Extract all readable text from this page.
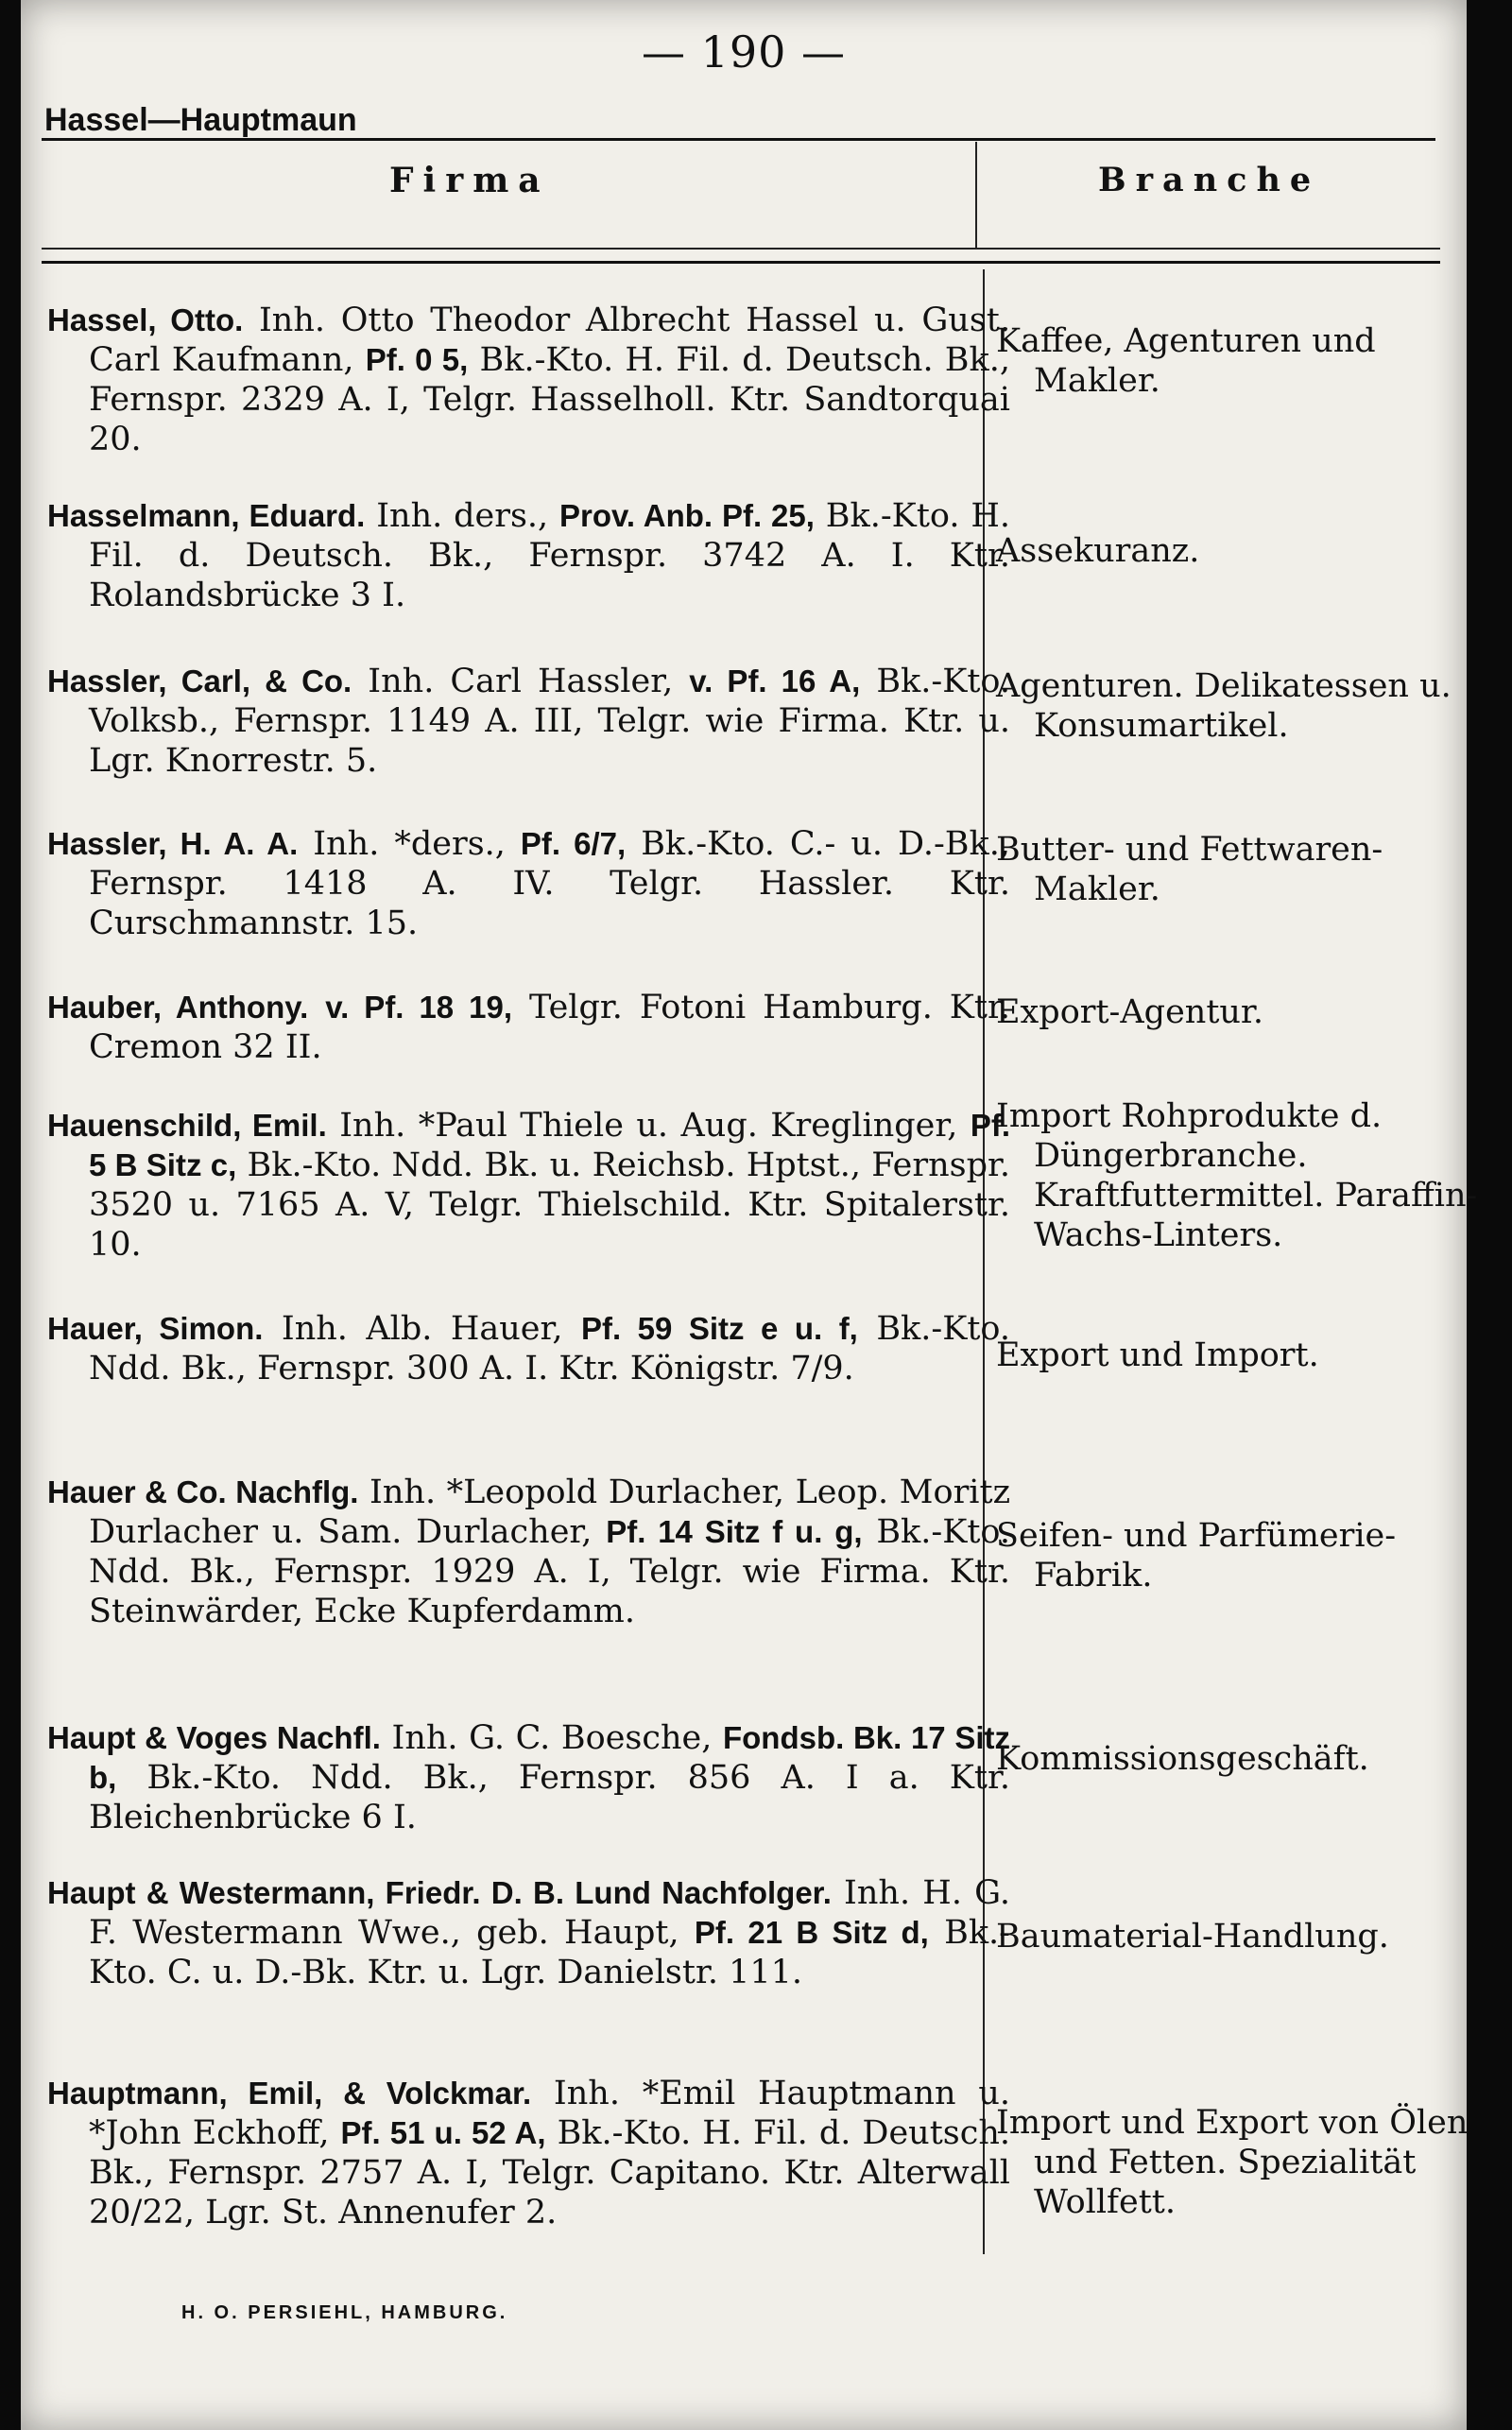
— 190 —
Hassel—Hauptmaun
Firma	Branche
Hassel, Otto. Inh. Otto Theodor Albrecht Hassel u. Gust. Carl Kaufmann, Pf. 0 5, Bk.-Kto. H. Fil. d. Deutsch. Bk., Fernspr. 2329 A. I, Telgr. Hasselholl. Ktr. Sandtorquai 20.
Kaffee, Agenturen und Makler.
Hasselmann, Eduard. Inh. ders., Prov. Anb. Pf. 25, Bk.-Kto. H. Fil. d. Deutsch. Bk., Fernspr. 3742 A. I. Ktr. Rolandsbrücke 3 I.
Assekuranz.
Hassler, Carl, & Co. Inh. Carl Hassler, v. Pf. 16 A, Bk.-Kto. Volksb., Fernspr. 1149 A. III, Telgr. wie Firma. Ktr. u. Lgr. Knorrestr. 5.
Agenturen. Delikatessen u. Konsumartikel.
Hassler, H. A. A. Inh. *ders., Pf. 6/7, Bk.-Kto. C.- u. D.-Bk., Fernspr. 1418 A. IV. Telgr. Hassler. Ktr. Curschmannstr. 15.
Butter- und Fettwaren-Makler.
Hauber, Anthony. v. Pf. 18 19, Telgr. Fotoni Hamburg. Ktr. Cremon 32 II.
Export-Agentur.
Hauenschild, Emil. Inh. *Paul Thiele u. Aug. Kreglinger, Pf. 5 B Sitz c, Bk.-Kto. Ndd. Bk. u. Reichsb. Hptst., Fernspr. 3520 u. 7165 A. V, Telgr. Thielschild. Ktr. Spitalerstr. 10.
Import Rohprodukte d. Düngerbranche. Kraftfuttermittel. Paraffin-Wachs-Linters.
Hauer, Simon. Inh. Alb. Hauer, Pf. 59 Sitz e u. f, Bk.-Kto. Ndd. Bk., Fernspr. 300 A. I. Ktr. Königstr. 7/9.	Export und Import.
Hauer & Co. Nachflg. Inh. *Leopold Durlacher, Leop. Moritz Durlacher u. Sam. Durlacher, Pf. 14 Sitz f u. g, Bk.-Kto. Ndd. Bk., Fernspr. 1929 A. I, Telgr. wie Firma. Ktr. Steinwärder, Ecke Kupferdamm.
Seifen- und Parfümerie-Fabrik.
Haupt & Voges Nachfl. Inh. G. C. Boesche, Fondsb. Bk. 17 Sitz b, Bk.-Kto. Ndd. Bk., Fernspr. 856 A. I a. Ktr. Bleichenbrücke 6 I.
Kommissionsgeschäft.
Haupt & Westermann, Friedr. D. B. Lund Nachfolger. Inh. H. G. F. Westermann Wwe., geb. Haupt, Pf. 21 B Sitz d, Bk.-Kto. C. u. D.-Bk. Ktr. u. Lgr. Danielstr. 111.
Baumaterial-Handlung.
Hauptmann, Emil, & Volckmar. Inh. *Emil Hauptmann u. *John Eckhoff, Pf. 51 u. 52 A, Bk.-Kto. H. Fil. d. Deutsch. Bk., Fernspr. 2757 A. I, Telgr. Capitano. Ktr. Alterwall 20/22, Lgr. St. Annenufer 2.
Import und Export von Ölen und Fetten. Spezialität Wollfett.
H. O. PERSIEHL, HAMBURG.
